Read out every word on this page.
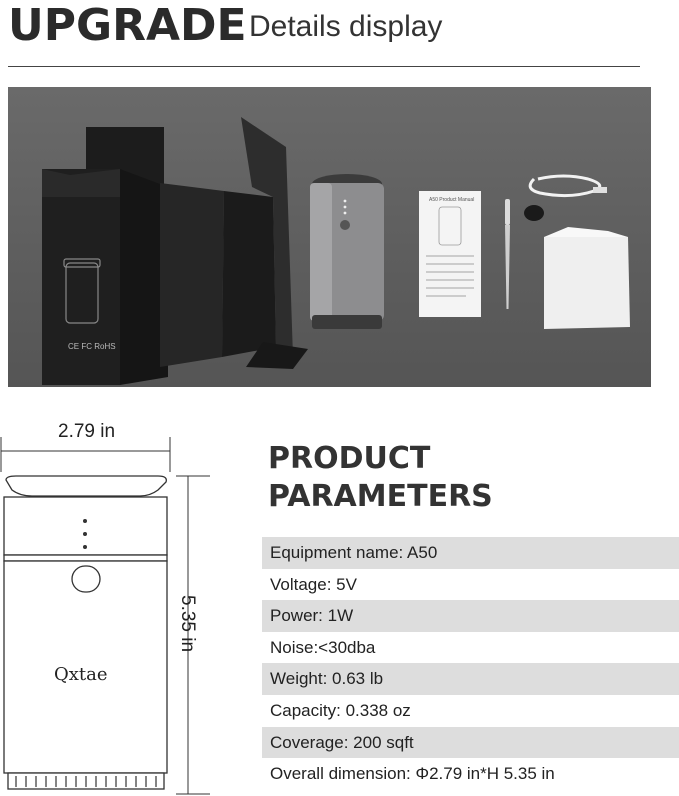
UPGRADE Details display
CE FC RoHS
A50 Product Manual
2.79 in
5.35 in
Qxtae
PRODUCT
PARAMETERS
Equipment name: A50
Voltage: 5V
Power: 1W
Noise:<30dba
Weight: 0.63 lb
Capacity: 0.338 oz
Coverage: 200 sqft
Overall dimension: Φ2.79 in*H 5.35 in
